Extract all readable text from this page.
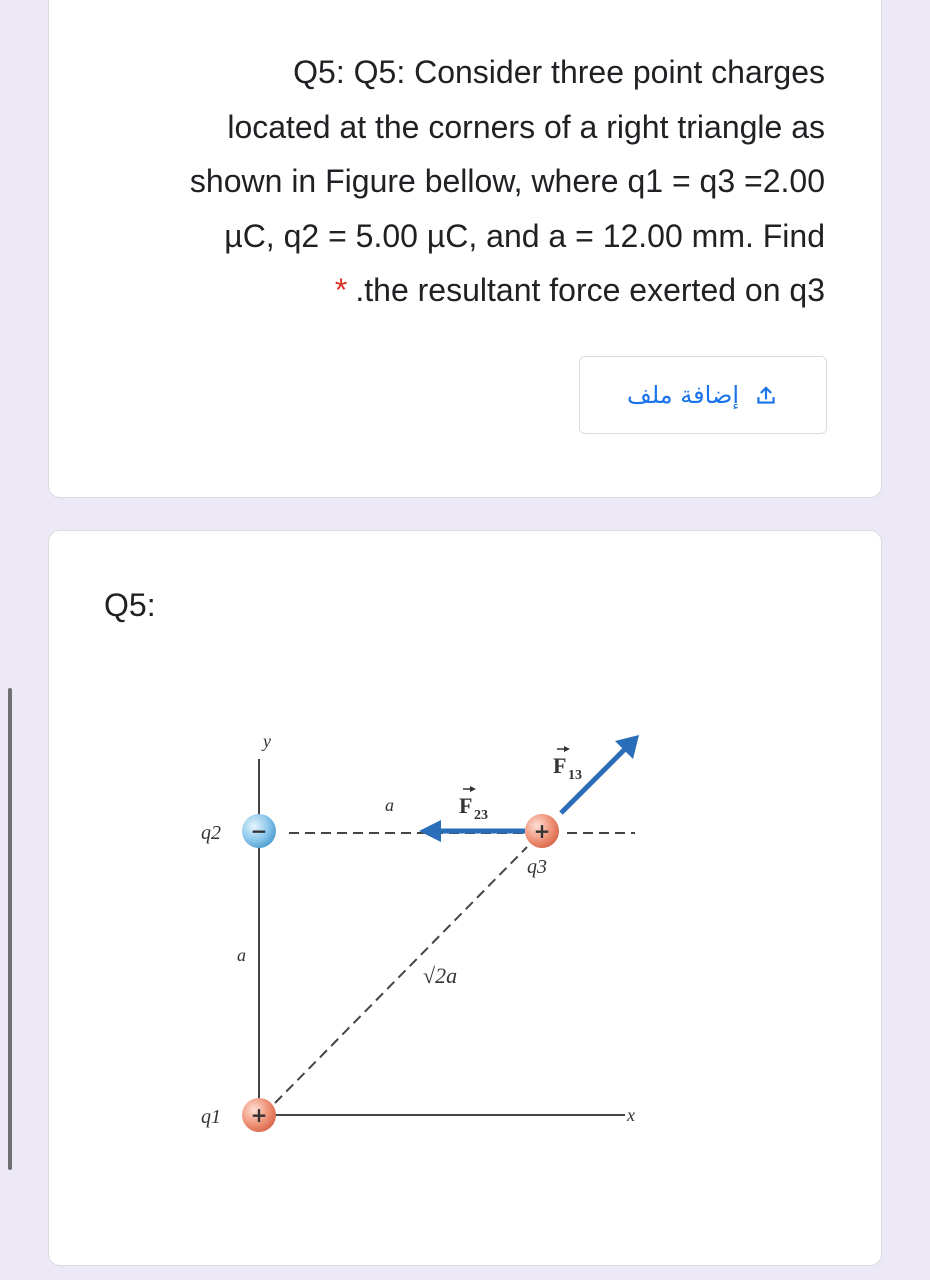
Q5: Q5: Consider three point charges
located at the corners of a right triangle as
shown in Figure bellow, where q1 = q3 =2.00
µC, q2 = 5.00 µC, and a = 12.00 mm. Find
* .the resultant force exerted on q3
إضافة ملف
Q5:
−
+
+
y
x
q2
q1
q3
a
a
√2a
F 23
F 13
